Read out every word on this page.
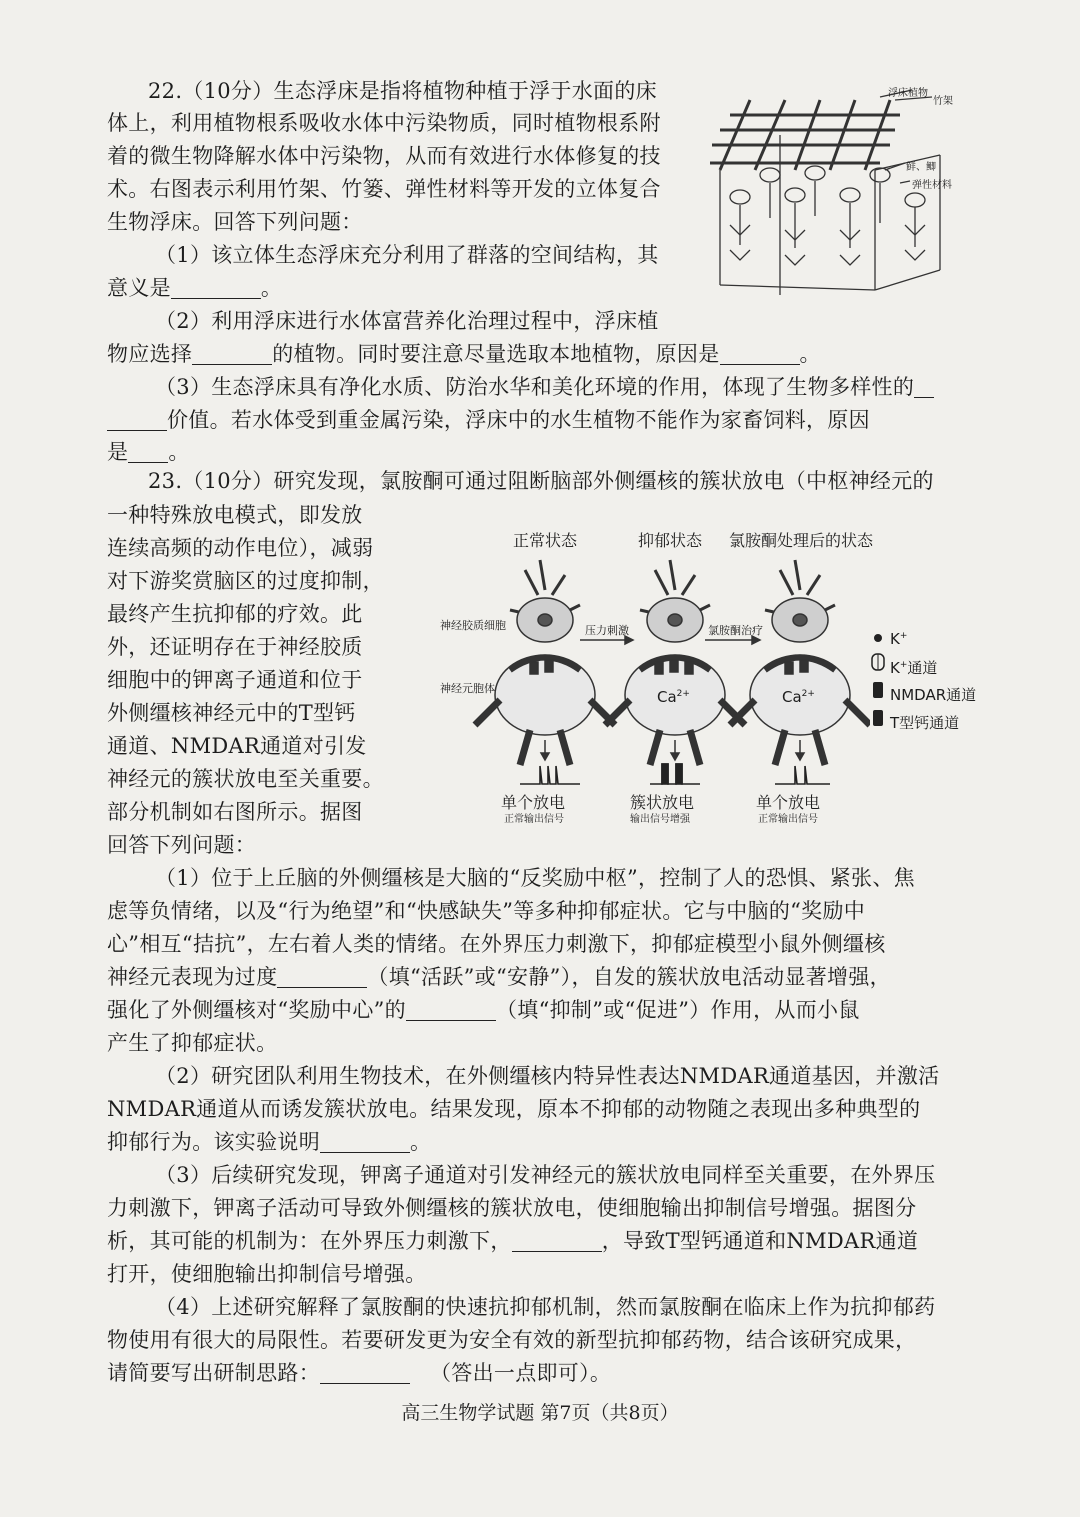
22.（10分）生态浮床是指将植物种植于浮于水面的床
体上，利用植物根系吸收水体中污染物质，同时植物根系附
着的微生物降解水体中污染物，从而有效进行水体修复的技
术。右图表示利用竹架、竹篓、弹性材料等开发的立体复合
生物浮床。回答下列问题：
（1）该立体生态浮床充分利用了群落的空间结构，其
意义是	。
（2）利用浮床进行水体富营养化治理过程中，浮床植
物应选择	的植物。同时要注意尽量选取本地植物，原因是	。
（3）生态浮床具有净化水质、防治水华和美化环境的作用，体现了生物多样性的
价值。若水体受到重金属污染，浮床中的水生植物不能作为家畜饲料，原因
是 。
浮床植物
竹架
鲜、鲫
弹性材料
23.（10分）研究发现，氯胺酮可通过阻断脑部外侧缰核的簇状放电（中枢神经元的
一种特殊放电模式，即发放
连续高频的动作电位），减弱
对下游奖赏脑区的过度抑制，
最终产生抗抑郁的疗效。此
外，还证明存在于神经胶质
细胞中的钾离子通道和位于
外侧缰核神经元中的T型钙
通道、NMDAR通道对引发
神经元的簇状放电至关重要。
部分机制如右图所示。据图
回答下列问题：
正常状态	抑郁状态 氯胺酮处理后的状态
神经胶质细胞
神经元胞体
压力刺激	氯胺酮治疗
$Ca^{2+}$	$Ca^{2+}$
K+
K+通道
NMDAR通道
T型钙通道
单个放电
正常输出信号
簇状放电
输出信号增强
单个放电
正常输出信号
（1）位于上丘脑的外侧缰核是大脑的“反奖励中枢”，控制了人的恐惧、紧张、焦
虑等负情绪，以及“行为绝望”和“快感缺失”等多种抑郁症状。它与中脑的“奖励中
心”相互“拮抗”，左右着人类的情绪。在外界压力刺激下，抑郁症模型小鼠外侧缰核
神经元表现为过度	（填“活跃”或“安静”），自发的簇状放电活动显著增强，
强化了外侧缰核对“奖励中心”的	（填“抑制”或“促进”）作用，从而小鼠
产生了抑郁症状。
（2）研究团队利用生物技术，在外侧缰核内特异性表达NMDAR通道基因，并激活
NMDAR通道从而诱发簇状放电。结果发现，原本不抑郁的动物随之表现出多种典型的
抑郁行为。该实验说明	。
（3）后续研究发现，钾离子通道对引发神经元的簇状放电同样至关重要，在外界压
力刺激下，钾离子活动可导致外侧缰核的簇状放电，使细胞输出抑制信号增强。据图分
析，其可能的机制为：在外界压力刺激下，	，导致T型钙通道和NMDAR通道
打开，使细胞输出抑制信号增强。
（4）上述研究解释了氯胺酮的快速抗抑郁机制，然而氯胺酮在临床上作为抗抑郁药
物使用有很大的局限性。若要研发更为安全有效的新型抗抑郁药物，结合该研究成果，
请简要写出研制思路：	（答出一点即可）。
高三生物学试题 第7页（共8页）
